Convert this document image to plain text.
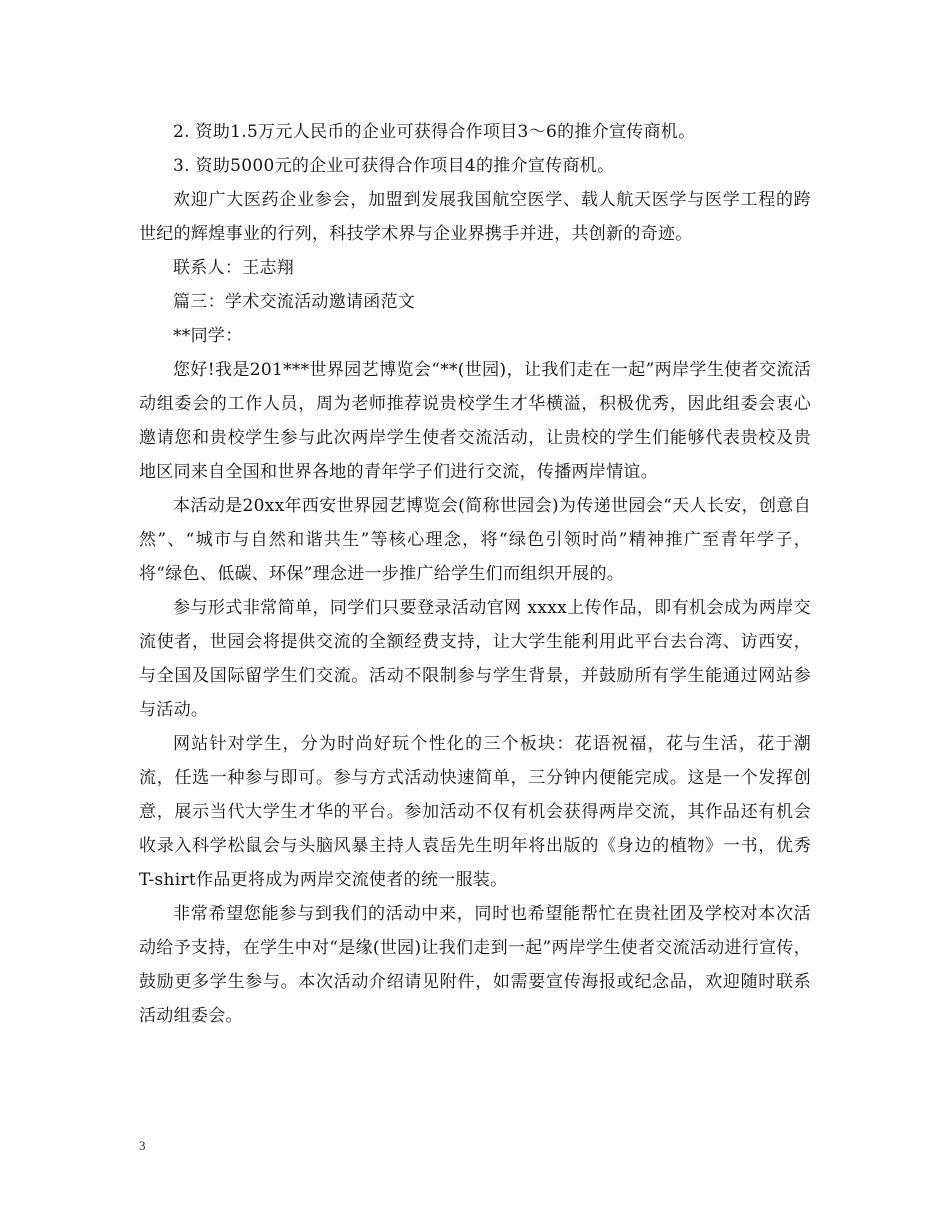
2. 资助1.5万元人民币的企业可获得合作项目3～6的推介宣传商机。

3. 资助5000元的企业可获得合作项目4的推介宣传商机。

欢迎广大医药企业参会，加盟到发展我国航空医学、载人航天医学与医学工程的跨世纪的辉煌事业的行列，科技学术界与企业界携手并进，共创新的奇迹。

联系人：王志翔

篇三：学术交流活动邀请函范文

**同学：

您好!我是201***世界园艺博览会“**(世园)，让我们走在一起”两岸学生使者交流活动组委会的工作人员，周为老师推荐说贵校学生才华横溢，积极优秀，因此组委会衷心邀请您和贵校学生参与此次两岸学生使者交流活动，让贵校的学生们能够代表贵校及贵地区同来自全国和世界各地的青年学子们进行交流，传播两岸情谊。

本活动是20xx年西安世界园艺博览会(简称世园会)为传递世园会“天人长安，创意自然”、“城市与自然和谐共生”等核心理念，将“绿色引领时尚”精神推广至青年学子，将“绿色、低碳、环保”理念进一步推广给学生们而组织开展的。

参与形式非常简单，同学们只要登录活动官网 xxxx上传作品，即有机会成为两岸交流使者，世园会将提供交流的全额经费支持，让大学生能利用此平台去台湾、访西安，与全国及国际留学生们交流。活动不限制参与学生背景，并鼓励所有学生能通过网站参与活动。

网站针对学生，分为时尚好玩个性化的三个板块：花语祝福，花与生活，花于潮流，任选一种参与即可。参与方式活动快速简单，三分钟内便能完成。这是一个发挥创意，展示当代大学生才华的平台。参加活动不仅有机会获得两岸交流，其作品还有机会收录入科学松鼠会与头脑风暴主持人袁岳先生明年将出版的《身边的植物》一书，优秀T-shirt作品更将成为两岸交流使者的统一服装。

非常希望您能参与到我们的活动中来，同时也希望能帮忙在贵社团及学校对本次活动给予支持，在学生中对“是缘(世园)让我们走到一起”两岸学生使者交流活动进行宣传，鼓励更多学生参与。本次活动介绍请见附件，如需要宣传海报或纪念品，欢迎随时联系活动组委会。

3
